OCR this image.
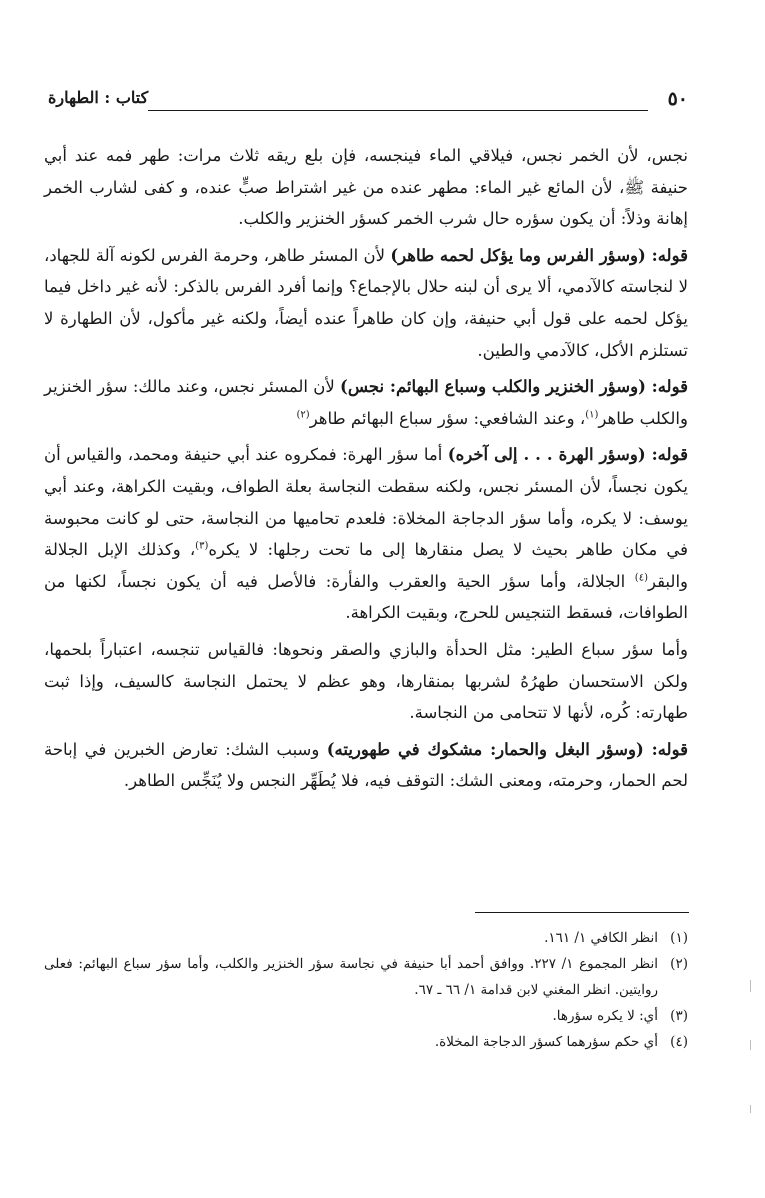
٥٠
كتاب : الطهارة

نجس، لأن الخمر نجس، فيلاقي الماء فينجسه، فإن بلع ريقه ثلاث مرات: طهر فمه عند أبي حنيفة ﷺ، لأن المائع غير الماء: مطهر عنده من غير اشتراط صبٍّ عنده، و كفى لشارب الخمر إهانة وذلاً: أن يكون سؤره حال شرب الخمر كسؤر الخنزير والكلب.

قوله: (وسؤر الفرس وما يؤكل لحمه طاهر) لأن المسئر طاهر، وحرمة الفرس لكونه آلة للجهاد، لا لنجاسته كالآدمي، ألا يرى أن لبنه حلال بالإجماع؟ وإنما أفرد الفرس بالذكر: لأنه غير داخل فيما يؤكل لحمه على قول أبي حنيفة، وإن كان طاهراً عنده أيضاً، ولكنه غير مأكول، لأن الطهارة لا تستلزم الأكل، كالآدمي والطين.

قوله: (وسؤر الخنزير والكلب وسباع البهائم: نجس) لأن المسئر نجس، وعند مالك: سؤر الخنزير والكلب طاهر$^{(١)}$، وعند الشافعي: سؤر سباع البهائم طاهر$^{(٢)}$

قوله: (وسؤر الهرة . . . إلى آخره) أما سؤر الهرة: فمكروه عند أبي حنيفة ومحمد، والقياس أن يكون نجساً، لأن المسئر نجس، ولكنه سقطت النجاسة بعلة الطواف، وبقيت الكراهة، وعند أبي يوسف: لا يكره، وأما سؤر الدجاجة المخلاة: فلعدم تحاميها من النجاسة، حتى لو كانت محبوسة في مكان طاهر بحيث لا يصل منقارها إلى ما تحت رجلها: لا يكره$^{(٣)}$، وكذلك الإبل الجلالة والبقر$^{(٤)}$ الجلالة، وأما سؤر الحية والعقرب والفأرة: فالأصل فيه أن يكون نجساً، لكنها من الطوافات، فسقط التنجيس للحرج، وبقيت الكراهة.

وأما سؤر سباع الطير: مثل الحدأة والبازي والصقر ونحوها: فالقياس تنجسه، اعتباراً بلحمها، ولكن الاستحسان طهرُهُ لشربها بمنقارها، وهو عظم لا يحتمل النجاسة كالسيف، وإذا ثبت طهارته: كُره، لأنها لا تتحامى من النجاسة.

قوله: (وسؤر البغل والحمار: مشكوك في طهوريته) وسبب الشك: تعارض الخبرين في إباحة لحم الحمار، وحرمته، ومعنى الشك: التوقف فيه، فلا يُطَهِّر النجس ولا يُنَجِّس الطاهر.

(١)
انظر الكافي ١/ ١٦١.
(٢)
انظر المجموع ١/ ٢٢٧. ووافق أحمد أبا حنيفة في نجاسة سؤر الخنزير والكلب، وأما سؤر سباع البهائم: فعلى روايتين. انظر المغني لابن قدامة ١/ ٦٦ ـ ٦٧.
(٣)
أي: لا يكره سؤرها.
(٤)
أي حكم سؤرهما كسؤر الدجاجة المخلاة.
